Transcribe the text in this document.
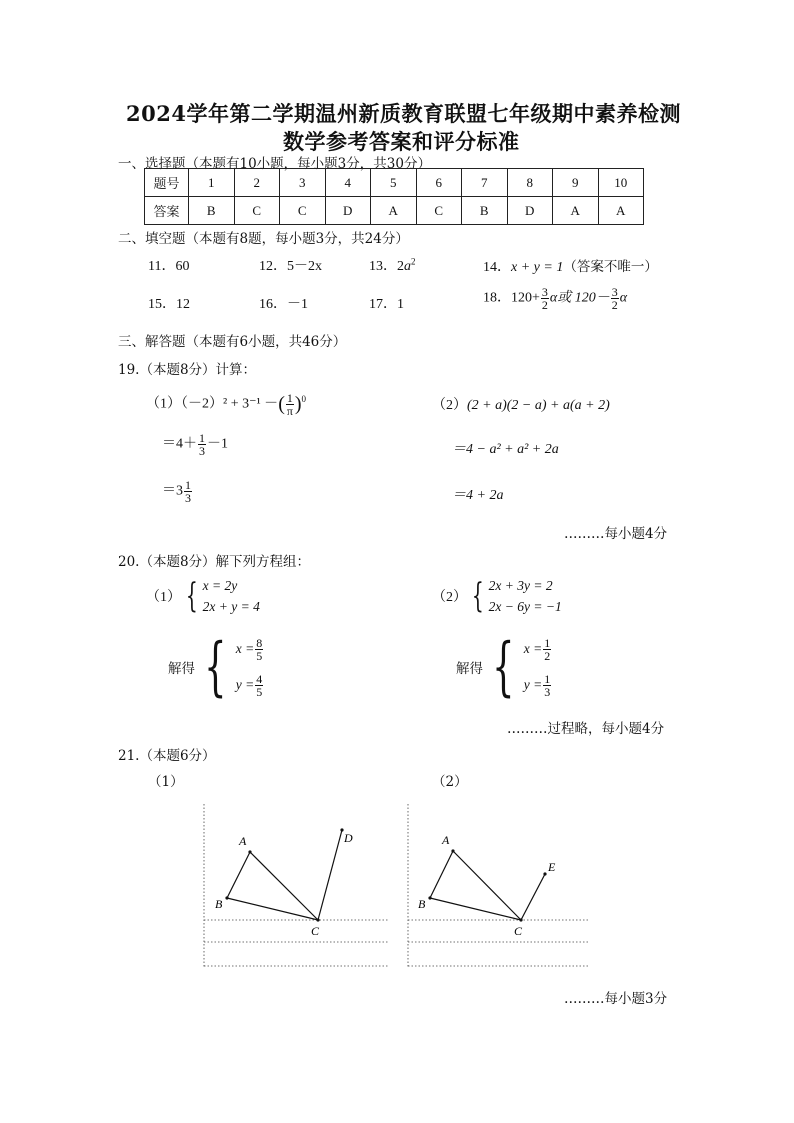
2024学年第二学期温州新质教育联盟七年级期中素养检测
数学参考答案和评分标准
一、选择题（本题有10小题，每小题3分，共30分）
题号	1	2	3	4	5	6	7	8	9	10
答案	B	C	C	D	A	C	B	D	A	A
二、填空题（本题有8题，每小题3分，共24分）
11．60	12．5－2x	13．$2a^2$	14．x + y = 1（答案不唯一）
15．12	16．－1	17．1	18．$120+ \frac{3}{2}$ α或 $120- \frac{3}{2}$ α
三、解答题（本题有6小题，共46分）
19.（本题8分）计算：
（1）（－2）² + 3⁻¹ －( $\frac{1}{\pi} )^0$
$=4+ \frac{1}{3} -1$
$=3 \frac{1}{3}$
（2）(2 + a)(2 − a) + a(a + 2)
＝4 − a² + a² + 2a
＝4 + 2a
………每小题4分
20.（本题8分）解下列方程组：
（1） { x = 2y
2x + y = 4
（2） { 2x + 3y = 2
2x − 6y = −1
解得 { $x = \frac{8}{5}$
$y = \frac{4}{5}$
解得 { $x = \frac{1}{2}$
$y = \frac{1}{3}$
………过程略，每小题4分
21.（本题6分）
（1）	（2）
A
B
C
D	A
B
C
E
………每小题3分
